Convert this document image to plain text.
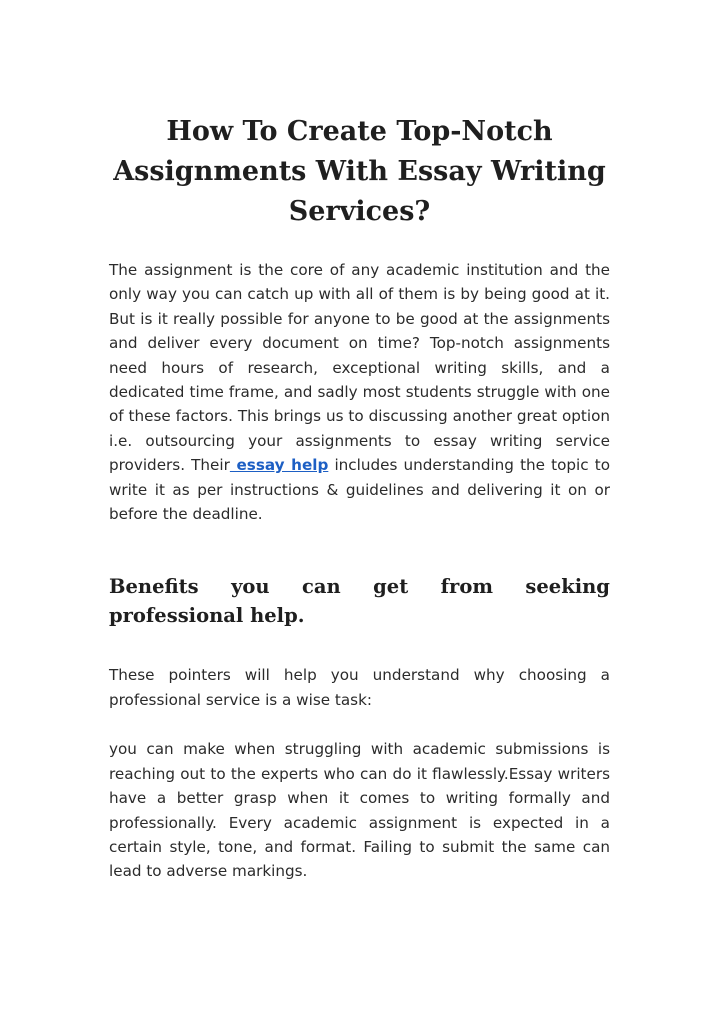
How To Create Top-Notch Assignments With Essay Writing Services?

The assignment is the core of any academic institution and the only way you can catch up with all of them is by being good at it. But is it really possible for anyone to be good at the assignments and deliver every document on time? Top-notch assignments need hours of research, exceptional writing skills, and a dedicated time frame, and sadly most students struggle with one of these factors. This brings us to discussing another great option i.e. outsourcing your assignments to essay writing service providers. Their essay help includes understanding the topic to write it as per instructions & guidelines and delivering it on or before the deadline.

Benefits you can get from seeking
professional help.

These pointers will help you understand why choosing a professional service is a wise task:

you can make when struggling with academic submissions is reaching out to the experts who can do it flawlessly.Essay writers have a better grasp when it comes to writing formally and professionally. Every academic assignment is expected in a certain style, tone, and format. Failing to submit the same can lead to adverse markings.
